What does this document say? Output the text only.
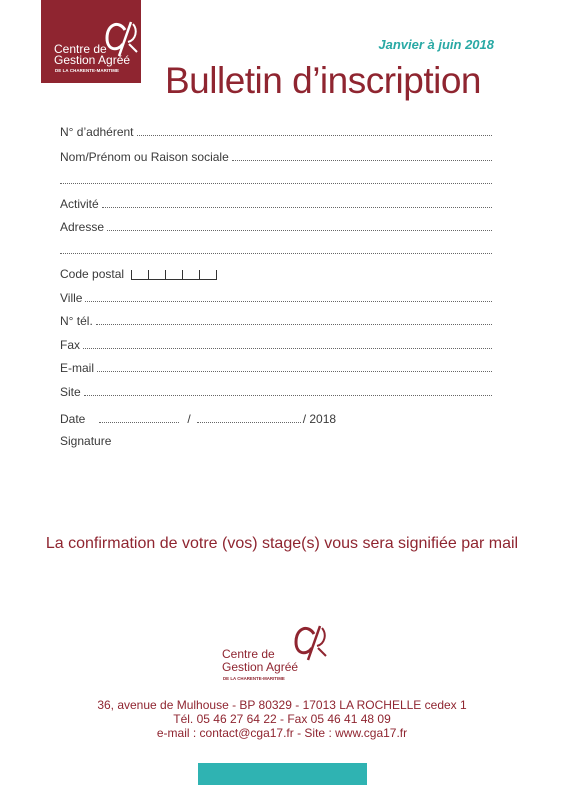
Centre de
Gestion Agréé
DE LA CHARENTE-MARITIME
Janvier à juin 2018
Bulletin d’inscription
N° d’adhérent
Nom/Prénom ou Raison sociale
Activité
Adresse
Code postal
Ville
N° tél.
Fax
E-mail
Site
Date	/	/ 2018
Signature
La confirmation de votre (vos) stage(s) vous sera signifiée par mail
Centre de
Gestion Agréé
DE LA CHARENTE-MARITIME
36, avenue de Mulhouse - BP 80329 - 17013 LA ROCHELLE cedex 1
Tél. 05 46 27 64 22 - Fax 05 46 41 48 09
e-mail : contact@cga17.fr - Site : www.cga17.fr
